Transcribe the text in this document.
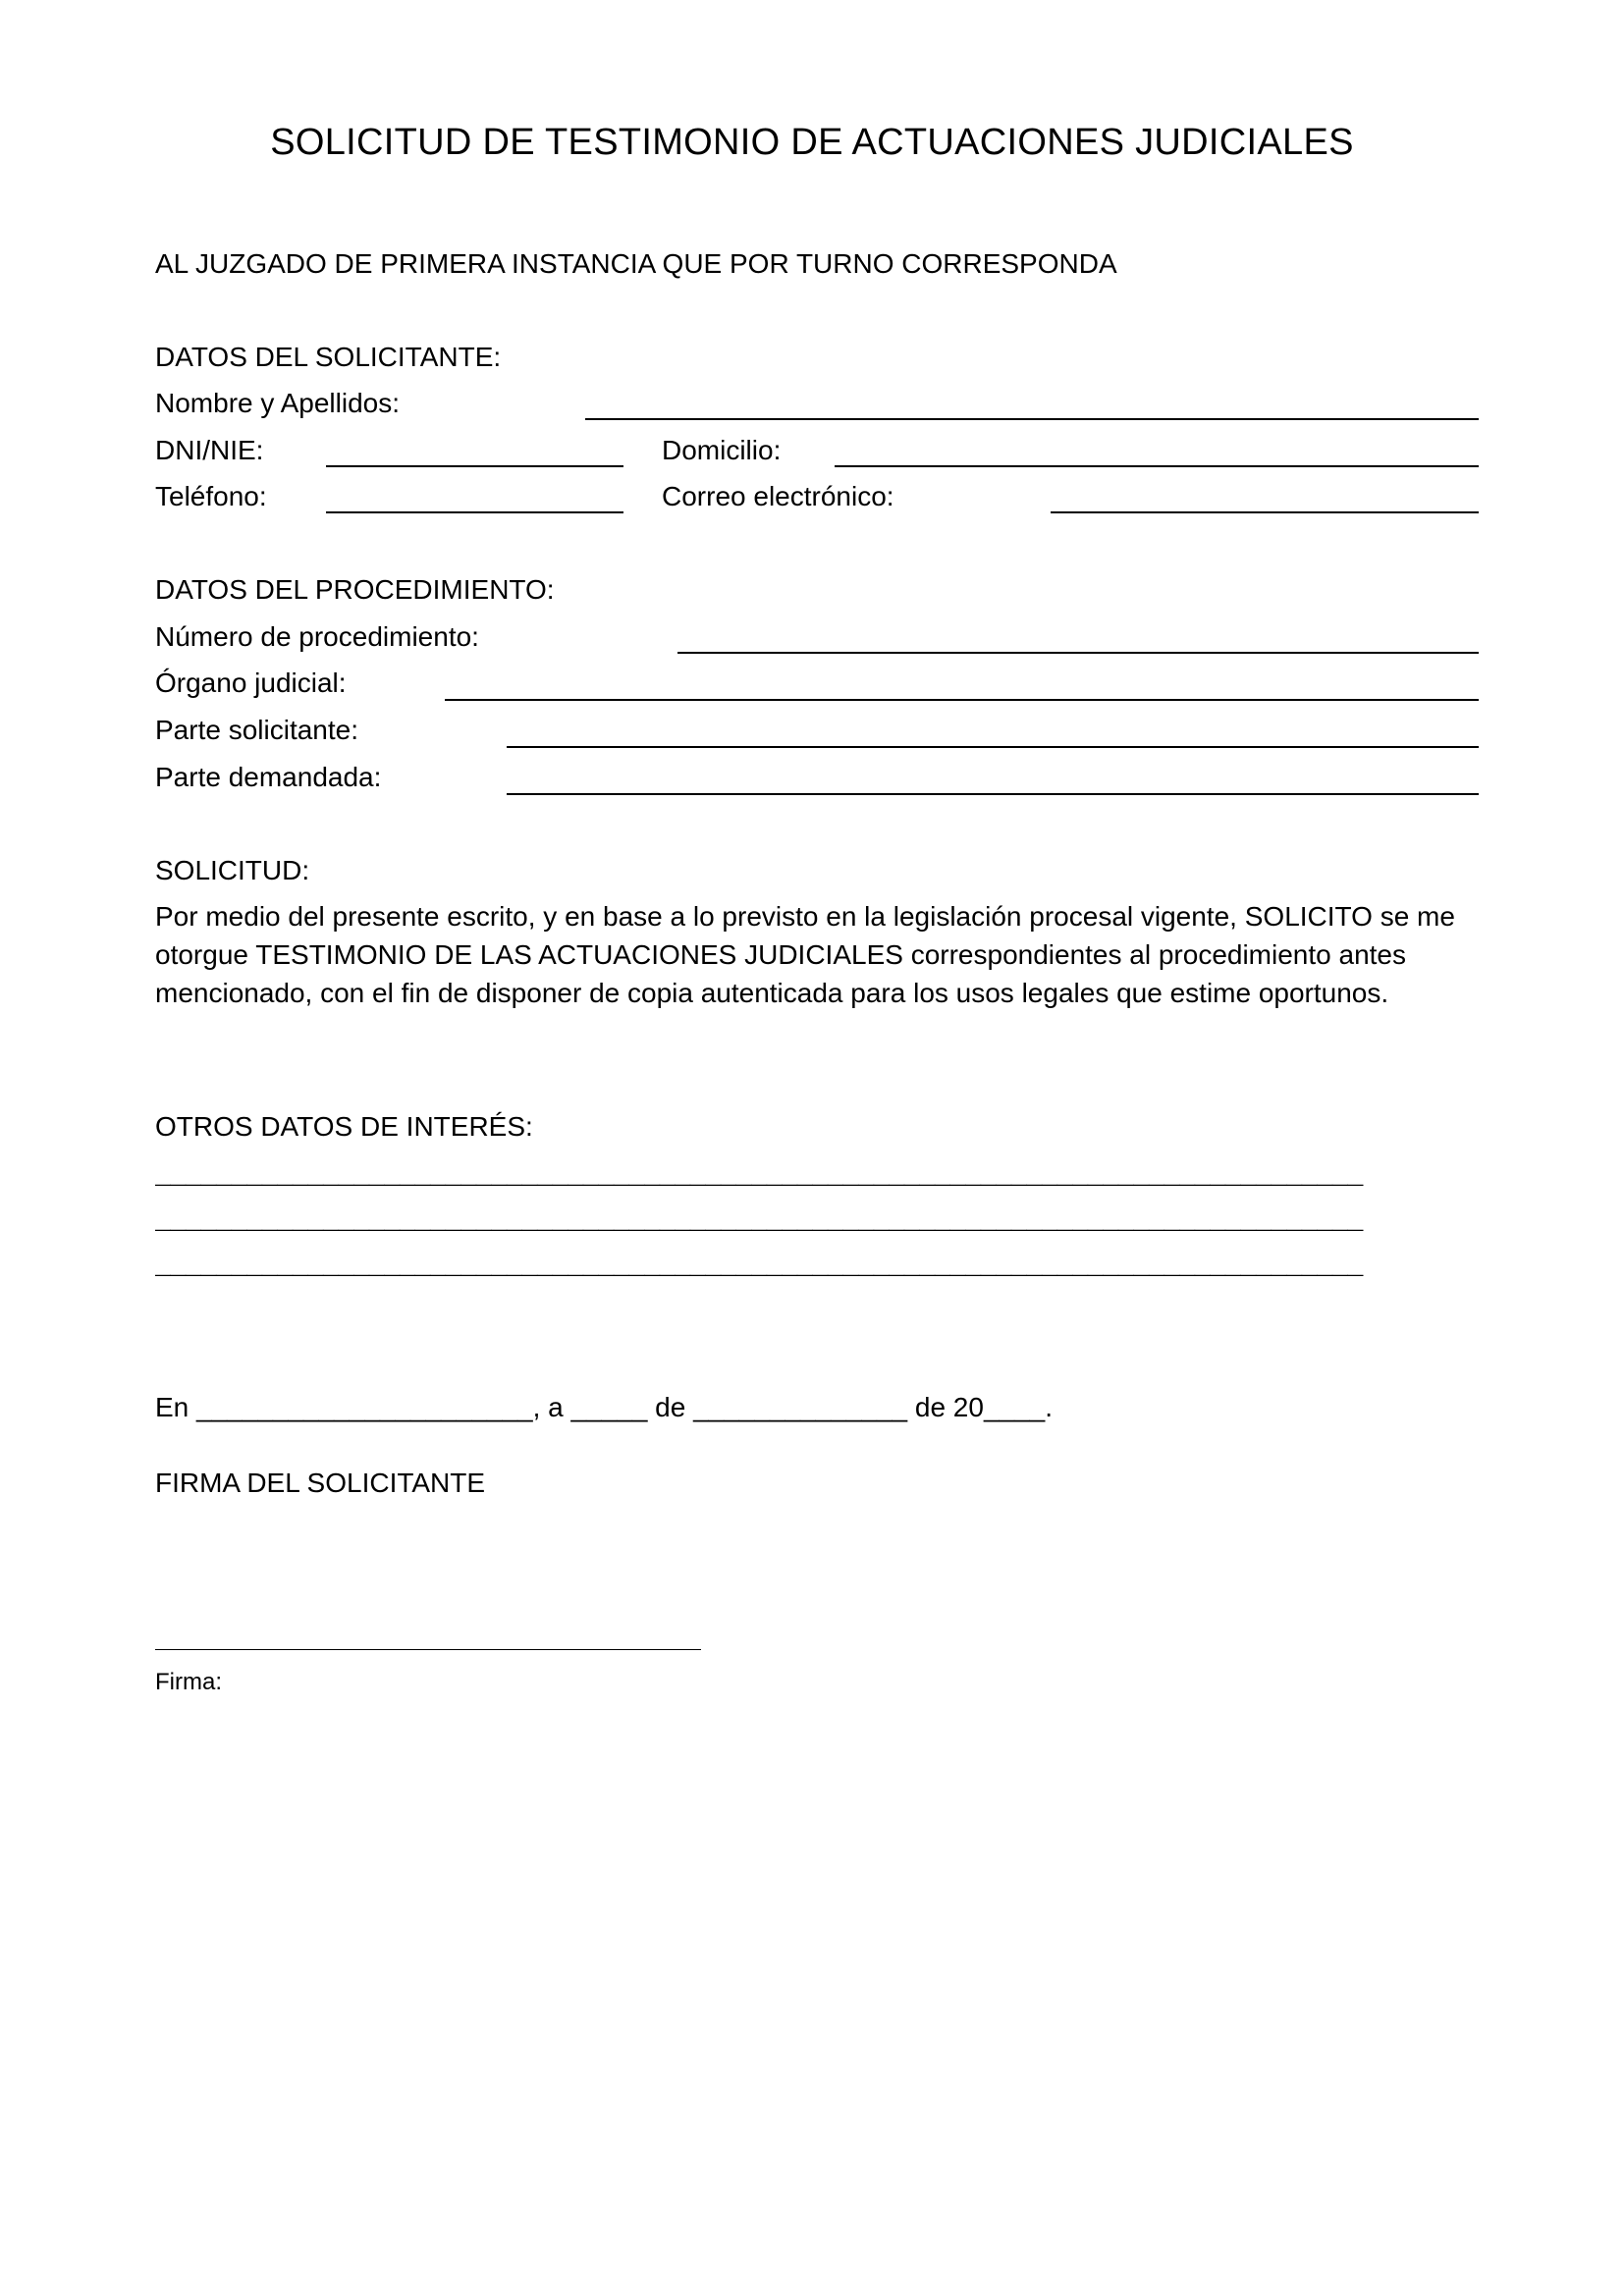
SOLICITUD DE TESTIMONIO DE ACTUACIONES JUDICIALES
AL JUZGADO DE PRIMERA INSTANCIA QUE POR TURNO CORRESPONDA
DATOS DEL SOLICITANTE:
Nombre y Apellidos:
DNI/NIE:	Domicilio:
Teléfono:	Correo electrónico:
DATOS DEL PROCEDIMIENTO:
Número de procedimiento:
Órgano judicial:
Parte solicitante:
Parte demandada:
SOLICITUD:
Por medio del presente escrito, y en base a lo previsto en la legislación procesal vigente, SOLICITO se me otorgue TESTIMONIO DE LAS ACTUACIONES JUDICIALES correspondientes al procedimiento antes mencionado, con el fin de disponer de copia autenticada para los usos legales que estime oportunos.
OTROS DATOS DE INTERÉS:
_______________________________________________________________________________
_______________________________________________________________________________
_______________________________________________________________________________
En ______________________, a _____ de ______________ de 20____.
FIRMA DEL SOLICITANTE
Firma:
